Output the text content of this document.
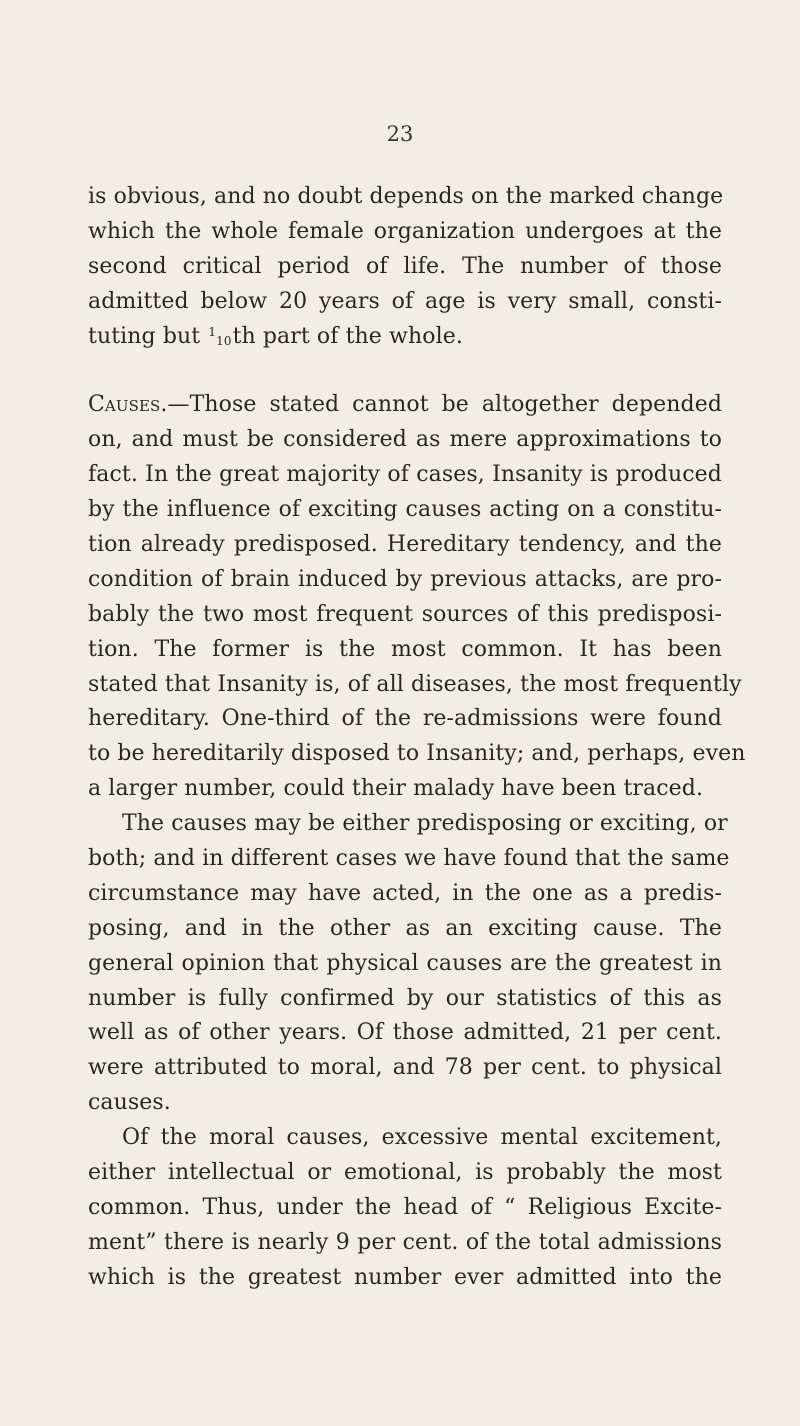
23
is obvious, and no doubt depends on the marked change
which the whole female organization undergoes at the
second critical period of life. The number of those
admitted below 20 years of age is very small, consti-
tuting but 110th part of the whole.
Causes.—Those stated cannot be altogether depended
on, and must be considered as mere approximations to
fact. In the great majority of cases, Insanity is produced
by the influence of exciting causes acting on a constitu-
tion already predisposed. Hereditary tendency, and the
condition of brain induced by previous attacks, are pro-
bably the two most frequent sources of this predisposi-
tion. The former is the most common. It has been
stated that Insanity is, of all diseases, the most frequently
hereditary. One-third of the re-admissions were found
to be hereditarily disposed to Insanity; and, perhaps, even
a larger number, could their malady have been traced.
The causes may be either predisposing or exciting, or
both; and in different cases we have found that the same
circumstance may have acted, in the one as a predis-
posing, and in the other as an exciting cause. The
general opinion that physical causes are the greatest in
number is fully confirmed by our statistics of this as
well as of other years. Of those admitted, 21 per cent.
were attributed to moral, and 78 per cent. to physical
causes.
Of the moral causes, excessive mental excitement,
either intellectual or emotional, is probably the most
common. Thus, under the head of “ Religious Excite-
ment” there is nearly 9 per cent. of the total admissions
which is the greatest number ever admitted into the
